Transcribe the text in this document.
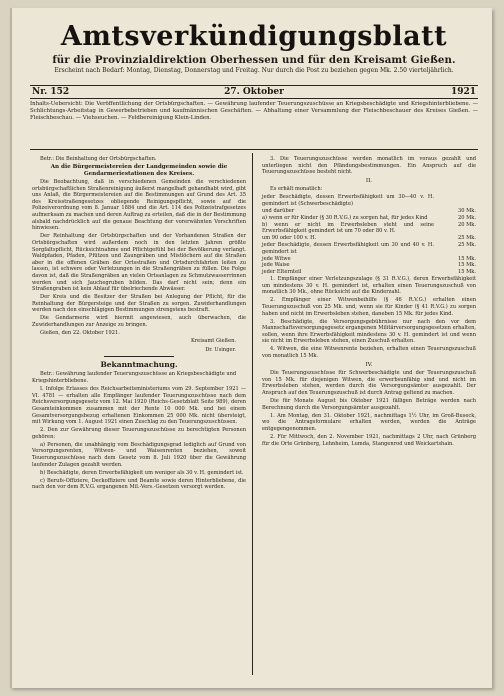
Amtsverkündigungsblatt
für die Provinzialdirektion Oberhessen und für den Kreisamt Gießen.
Erscheint nach Bedarf: Montag, Dienstag, Donnerstag und Freitag. Nur durch die Post zu beziehen gegen Mk. 2.50 vierteljährlich.
27. Oktober
Nr. 152	1921
Inhalts-Uebersicht: Die Veröffentlichung der Ortsbürgschaften. — Gewährung laufender Teuerungszuschüsse an Kriegsbeschädigte und Kriegshinterbliebene. — Schlichtungs-Arbeitstag in Gewerbebetrieben und kaufmännischen Geschäften. — Abhaltung einer Versammlung der Fleischbeschauer des Kreises Gießen. — Fleischbeschau. — Viehseuchen. — Feldbereinigung Klein-Linden.

Betr.: Die Beinhaltung der Ortsbürgschaften.

An die Bürgermeistereien der Landgemeinden sowie die Gendarmeriestationen des Kreises.

Die Beobachtung, daß in verschiedenen Gemeinden die verschiedenen ortsbürgschaftlichen Straßenreinigung äußerst mangelhaft gehandhabt wird, gibt uns Anlaß, die Bürgermeistereien auf die Bestimmungen auf Grund des Art. 35 des Kreisstraßengesetzes obliegende Reinigungspflicht, sowie auf die Polizeiverordnung vom 8. Januar 1884 und die Art. 114 des Polizeistrafgesetzes aufmerksam zu machen und deren Auftrag zu erteilen, daß die in der Bestimmung alsbald nachdrücklich auf die genaue Beachtung der vorerwähnten Vorschriften hinwiesen.

Der Reinhaltung der Ortsbürgschaften und der Vorhandenen Straßen der Ortsbürgschaften wird außerdem noch in den letzten Jahren größte Sorgfaltspflicht, Rücksichtnahme und Pflichtgefühl bei der Bevölkerung verlangt. Waldpfaden, Pfaden, Pfützen und Zaungräben und Mistlöchern auf die Straßen aber in die offenen Gräben der Ortsstraßen und Ortsdurchfahrten leiten zu lassen, ist schwere oder Verletzungen in die Straßengräben zu füllen. Die Folge davon ist, daß die Straßengräben an vielen Ortsanlagen zu Schmutzwasserrinnen werden und sich Jauchegruben bilden. Das darf nicht sein; denn ein Straßengraben ist kein Ablauf für übelriechende Abwässer.

Der Kreis und die Besitzer der Straßen bei Anlegung der Pflicht, für die Reinhaltung der Bürgersteige und der Straßen zu sorgen. Zuwiderhandlungen werden nach den einschlägigen Bestimmungen strengstens bestraft.

Die Gendarmerie wird hiermit angewiesen, auch überwachen, die Zuwiderhandlungen zur Anzeige zu bringen.

Gießen, den 22. Oktober 1921.

Kreisamt Gießen.
Dr. Usinger.
Bekanntmachung.

Betr.: Gewährung laufender Teuerungszuschüsse an Kriegsbeschädigte und Kriegshinterbliebene.

I. Infolge Erlasses des Reichsarbeitsministeriums vom 29. September 1921 — VI. 4781 — erhalten alle Empfänger laufender Teuerungszuschüsse nach dem Reichsversorgungsgesetz vom 12. Mai 1920 (Reichs-Gesetzblatt Seite 989), deren Gesamteinkommen zusammen mit der Rente 10 000 Mk. und bei einem Gesamtversorgungsbezug erhaltenen Einkommen 25 000 Mk. nicht übersteigt, mit Wirkung vom 1. August 1921 einen Zuschlag zu den Teuerungszuschüssen.

2. Den zur Gewährung dieser Teuerungszuschüsse zu berechtigten Personen gehören:

a) Personen, die unabhängig vom Beschädigungsgrad lediglich auf Grund von Versorgungsrenten, Witwen- und Waisenrenten beziehen, soweit Teuerungszuschüsse nach dem Gesetz vom 8. Juli 1920 über die Gewährung laufender Zulagen gezahlt werden.

b) Beschädigte, deren Erwerbsfähigkeit um weniger als 30 v. H. gemindert ist.

c) Berufs-Offiziere, Deckoffiziere und Beamte sowie deren Hinterbliebene, die nach den vor dem R.V.G. ergangenen Mil.-Vers.-Gesetzen versorgt werden.

3. Die Teuerungszuschüsse werden monatlich im voraus gezahlt und unterliegen nicht den Pfändungsbestimmungen. Ein Anspruch auf die Teuerungszuschüsse besteht nicht.

II.

Es erhält monatlich:

jeder Beschädigte, dessen Erwerbsfähigkeit um 30—40 v. H. gemindert ist (Schwerbeschädigte)	
und darüber	30 Mk.
a) wenn er für Kinder (§ 30 R.V.G.) zu sorgen hat, für jedes Kind	20 Mk.
b) wenn er nicht im Erwerbsleben steht und seine Erwerbsfähigkeit gemindert ist um 70 oder 80 v. H.	20 Mk.
um 90 oder 100 v. H.	25 Mk.
jeder Beschädigte, dessen Erwerbsfähigkeit um 30 und 40 v. H. gemindert ist	25 Mk.
jede Witwe	15 Mk.
jede Waise	15 Mk.
jeder Elternteil	15 Mk.

1. Empfänger einer Verletzungszulage (§ 31 R.V.G.), deren Erwerbsfähigkeit um mindestens 30 v. H. gemindert ist, erhalten einen Teuerungszuschuß von monatlich 30 Mk., ohne Rücksicht auf die Kinderzahl.

2. Empfänger einer Witwenbeihilfe (§ 46 R.V.G.) erhalten einen Teuerungszuschuß von 25 Mk. und, wenn sie für Kinder (§ 41 R.V.G.) zu sorgen haben und nicht im Erwerbsleben stehen, daneben 15 Mk. für jedes Kind.

3. Beschädigte, die Versorgungsgebührnisse nur nach den vor dem Mannschaftsversorgungsgesetz ergangenen Militärversorgungsgesetzen erhalten, sollen, wenn ihre Erwerbsfähigkeit mindestens 30 v. H. gemindert ist und wenn sie nicht im Erwerbsleben stehen, einen Zuschuß erhalten.

4. Witwen, die eine Witwenrente beziehen, erhalten einen Teuerungszuschuß von monatlich 15 Mk.

IV.

Die Teuerungszuschüsse für Schwerbeschädigte und der Teuerungszuschuß von 15 Mk. für diejenigen Witwen, die erwerbsunfähig sind und nicht im Erwerbsleben stehen, werden durch die Versorgungsämter ausgezahlt. Der Anspruch auf den Teuerungszuschuß ist durch Antrag geltend zu machen.

Die für Monate August bis Oktober 1921 fälligen Beträge werden nach Berechnung durch die Versorgungsämter ausgezahlt.

1. Am Montag, den 31. Oktober 1921, nachmittags 1½ Uhr, im Groß-Buseck, wo die Antragsformulare erhalten werden, werden die Anträge entgegengenommen.

2. Für Mittwoch, den 2. November 1921, nachmittags 2 Uhr, nach Grünberg für die Orte Grünberg, Lehnheim, Lumda, Stangenrod und Weickartshain.
